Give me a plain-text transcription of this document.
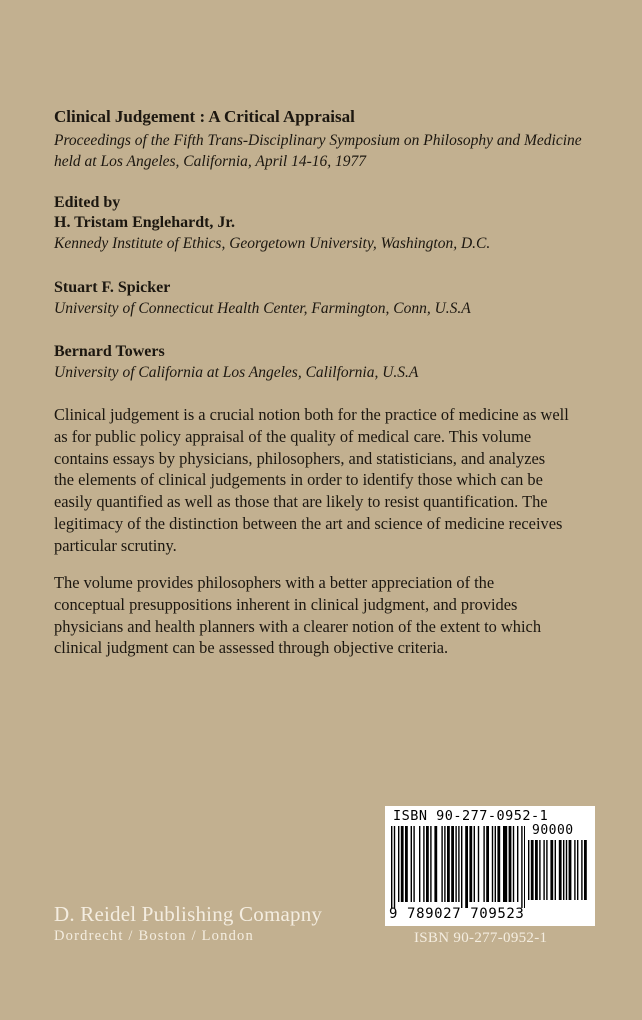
Clinical Judgement : A Critical Appraisal
Proceedings of the Fifth Trans-Disciplinary Symposium on Philosophy and Medicine
held at Los Angeles, California, April 14-16, 1977
Edited by
H. Tristam Englehardt, Jr.
Kennedy Institute of Ethics, Georgetown University, Washington, D.C.
Stuart F. Spicker
University of Connecticut Health Center, Farmington, Conn, U.S.A
Bernard Towers
University of California at Los Angeles, Calilfornia, U.S.A
Clinical judgement is a crucial notion both for the practice of medicine as well
as for public policy appraisal of the quality of medical care. This volume
contains essays by physicians, philosophers, and statisticians, and analyzes
the elements of clinical judgements in order to identify those which can be
easily quantified as well as those that are likely to resist quantification. The
legitimacy of the distinction between the art and science of medicine receives
particular scrutiny.
The volume provides philosophers with a better appreciation of the
conceptual presuppositions inherent in clinical judgment, and provides
physicians and health planners with a clearer notion of the extent to which
clinical judgment can be assessed through objective criteria.
ISBN 90-277-0952-1
90000
9 789027 709523
D. Reidel Publishing Comapny
Dordrecht / Boston / London	ISBN 90-277-0952-1
